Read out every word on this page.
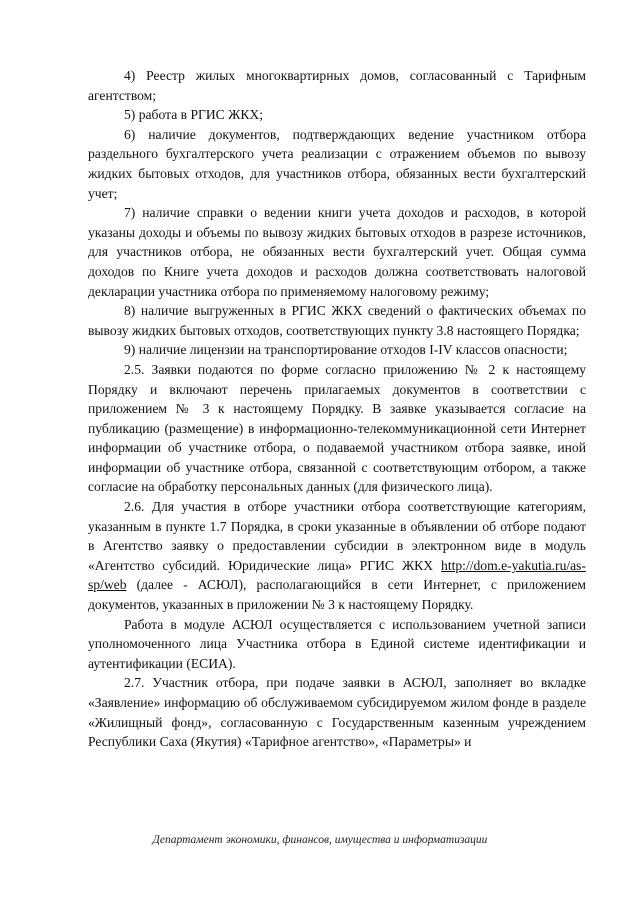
4) Реестр жилых многоквартирных домов, согласованный с Тарифным агентством;

5) работа в РГИС ЖКХ;

6) наличие документов, подтверждающих ведение участником отбора раздельного бухгалтерского учета реализации с отражением объемов по вывозу жидких бытовых отходов, для участников отбора, обязанных вести бухгалтерский учет;

7) наличие справки о ведении книги учета доходов и расходов, в которой указаны доходы и объемы по вывозу жидких бытовых отходов в разрезе источников, для участников отбора, не обязанных вести бухгалтерский учет. Общая сумма доходов по Книге учета доходов и расходов должна соответствовать налоговой декларации участника отбора по применяемому налоговому режиму;

8) наличие выгруженных в РГИС ЖКХ сведений о фактических объемах по вывозу жидких бытовых отходов, соответствующих пункту 3.8 настоящего Порядка;

9) наличие лицензии на транспортирование отходов I-IV классов опасности;

2.5. Заявки подаются по форме согласно приложению № 2 к настоящему Порядку и включают перечень прилагаемых документов в соответствии с приложением № 3 к настоящему Порядку. В заявке указывается согласие на публикацию (размещение) в информационно-телекоммуникационной сети Интернет информации об участнике отбора, о подаваемой участником отбора заявке, иной информации об участнике отбора, связанной с соответствующим отбором, а также согласие на обработку персональных данных (для физического лица).

2.6. Для участия в отборе участники отбора соответствующие категориям, указанным в пункте 1.7 Порядка, в сроки указанные в объявлении об отборе подают в Агентство заявку о предоставлении субсидии в электронном виде в модуль «Агентство субсидий. Юридические лица» РГИС ЖКХ http://dom.e-yakutia.ru/as-sp/web (далее - АСЮЛ), располагающийся в сети Интернет, с приложением документов, указанных в приложении № 3 к настоящему Порядку.

Работа в модуле АСЮЛ осуществляется с использованием учетной записи уполномоченного лица Участника отбора в Единой системе идентификации и аутентификации (ЕСИА).

2.7. Участник отбора, при подаче заявки в АСЮЛ, заполняет во вкладке «Заявление» информацию об обслуживаемом субсидируемом жилом фонде в разделе «Жилищный фонд», согласованную с Государственным казенным учреждением Республики Саха (Якутия) «Тарифное агентство», «Параметры» и

Департамент экономики, финансов, имущества и информатизации
